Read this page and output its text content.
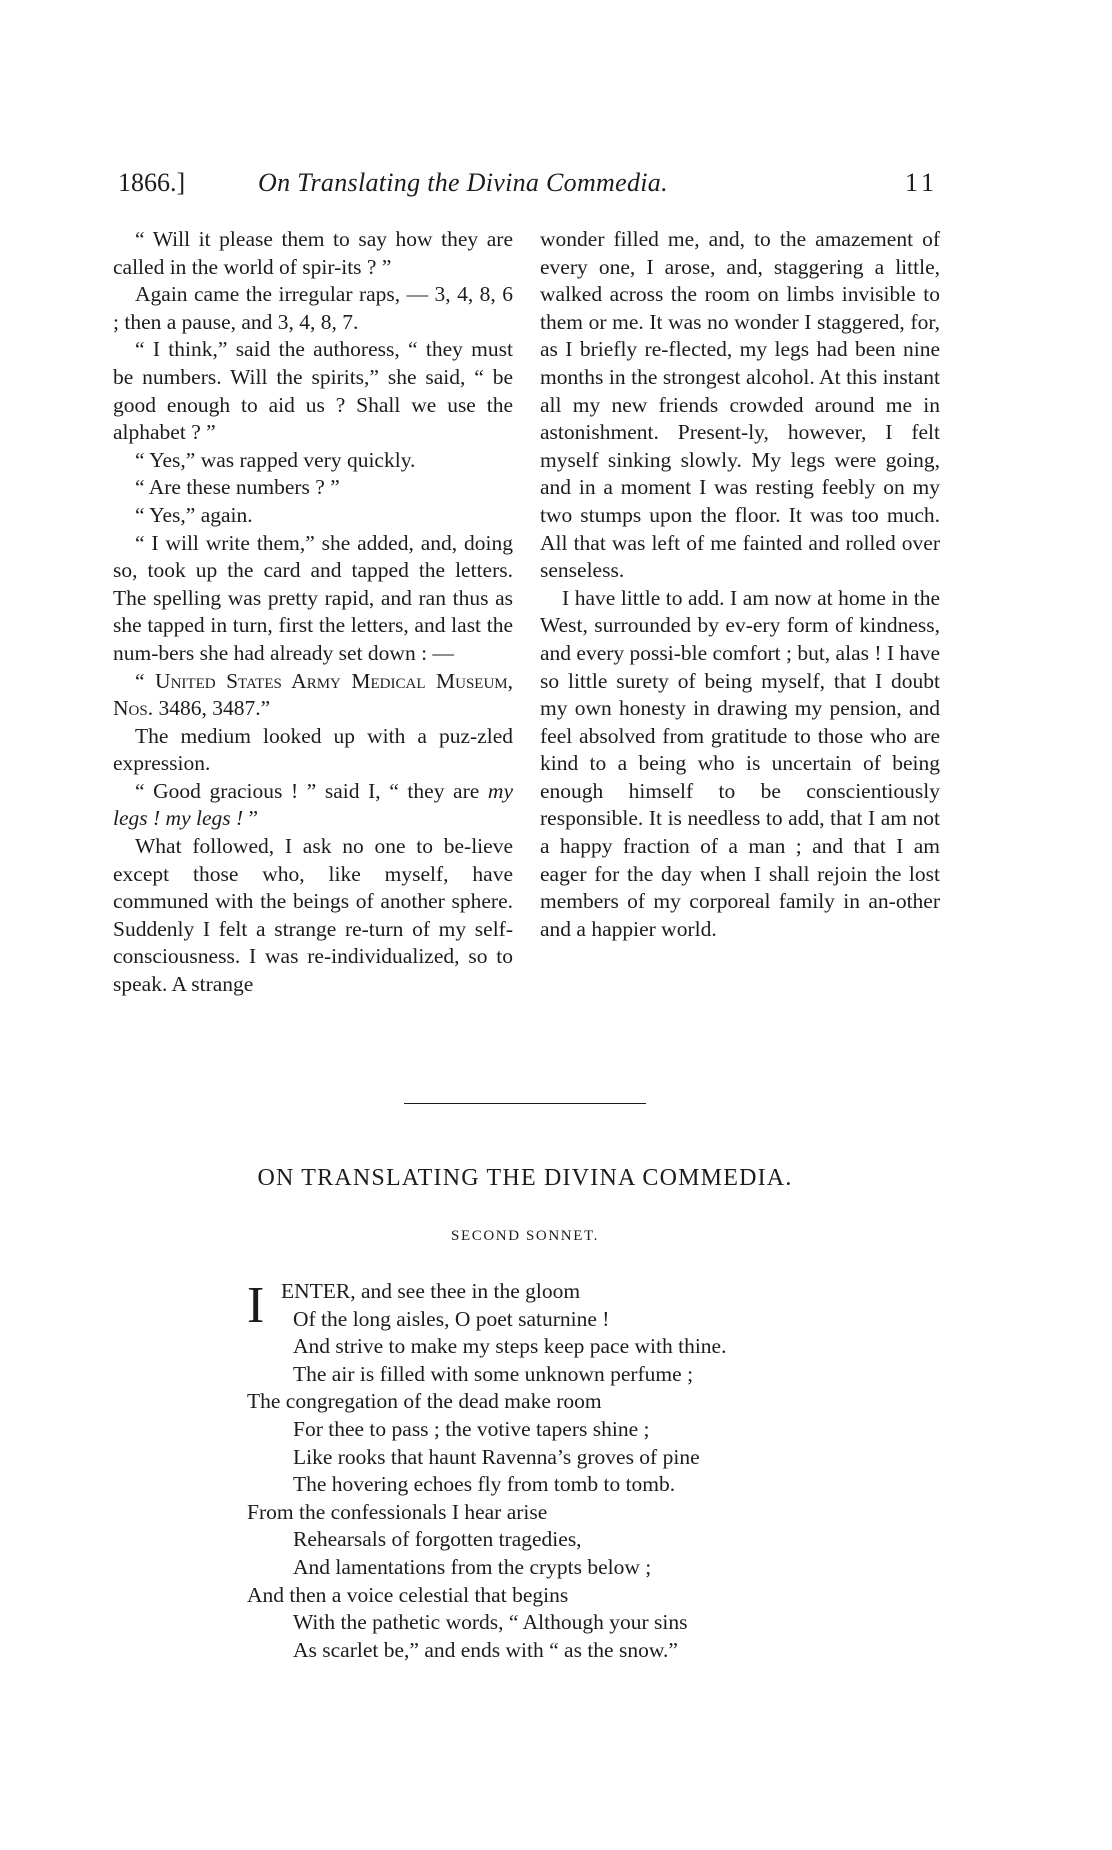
1866.]	On Translating the Divina Commedia.	11

“ Will it please them to say how they are called in the world of spir-its ? ”

Again came the irregular raps, — 3, 4, 8, 6 ; then a pause, and 3, 4, 8, 7.

“ I think,” said the authoress, “ they must be numbers. Will the spirits,” she said, “ be good enough to aid us ? Shall we use the alphabet ? ”

“ Yes,” was rapped very quickly.

“ Are these numbers ? ”

“ Yes,” again.

“ I will write them,” she added, and, doing so, took up the card and tapped the letters. The spelling was pretty rapid, and ran thus as she tapped in turn, first the letters, and last the num-bers she had already set down : —

“ United States Army Medical Museum, Nos. 3486, 3487.”

The medium looked up with a puz-zled expression.

“ Good gracious ! ” said I, “ they are my legs ! my legs ! ”

What followed, I ask no one to be-lieve except those who, like myself, have communed with the beings of another sphere. Suddenly I felt a strange re-turn of my self-consciousness. I was re-individualized, so to speak. A strange

wonder filled me, and, to the amazement of every one, I arose, and, staggering a little, walked across the room on limbs invisible to them or me. It was no wonder I staggered, for, as I briefly re-flected, my legs had been nine months in the strongest alcohol. At this instant all my new friends crowded around me in astonishment. Present-ly, however, I felt myself sinking slowly. My legs were going, and in a moment I was resting feebly on my two stumps upon the floor. It was too much. All that was left of me fainted and rolled over senseless.

I have little to add. I am now at home in the West, surrounded by ev-ery form of kindness, and every possi-ble comfort ; but, alas ! I have so little surety of being myself, that I doubt my own honesty in drawing my pension, and feel absolved from gratitude to those who are kind to a being who is uncertain of being enough himself to be conscientiously responsible. It is needless to add, that I am not a happy fraction of a man ; and that I am eager for the day when I shall rejoin the lost members of my corporeal family in an-other and a happier world.

ON TRANSLATING THE DIVINA COMMEDIA.
SECOND SONNET.
I ENTER, and see thee in the gloom
Of the long aisles, O poet saturnine !
And strive to make my steps keep pace with thine.
The air is filled with some unknown perfume ;
The congregation of the dead make room
For thee to pass ; the votive tapers shine ;
Like rooks that haunt Ravenna’s groves of pine
The hovering echoes fly from tomb to tomb.
From the confessionals I hear arise
Rehearsals of forgotten tragedies,
And lamentations from the crypts below ;
And then a voice celestial that begins
With the pathetic words, “ Although your sins
As scarlet be,” and ends with “ as the snow.”
